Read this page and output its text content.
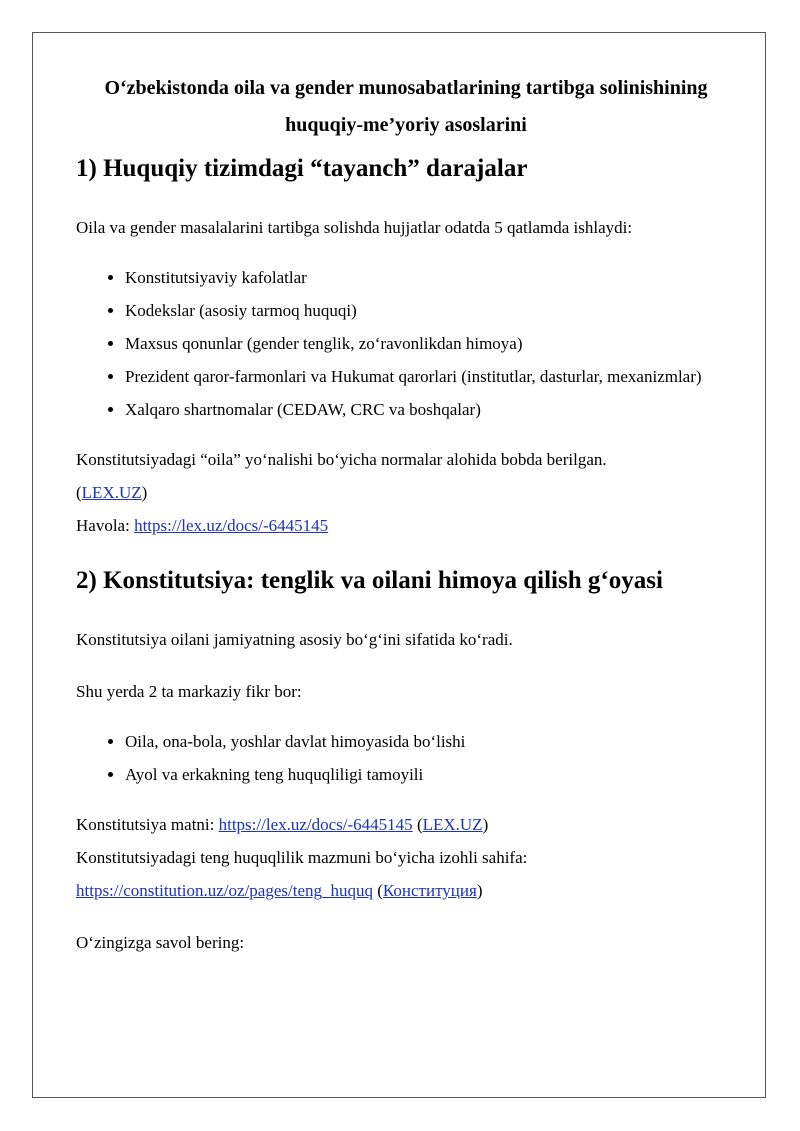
O‘zbekistonda oila va gender munosabatlarining tartibga solinishining
huquqiy-me’yoriy asoslarini
1) Huquqiy tizimdagi “tayanch” darajalar

Oila va gender masalalarini tartibga solishda hujjatlar odatda 5 qatlamda ishlaydi:

• Konstitutsiyaviy kafolatlar
• Kodekslar (asosiy tarmoq huquqi)
• Maxsus qonunlar (gender tenglik, zo‘ravonlikdan himoya)
• Prezident qaror-farmonlari va Hukumat qarorlari (institutlar, dasturlar, mexanizmlar)
• Xalqaro shartnomalar (CEDAW, CRC va boshqalar)

Konstitutsiyadagi “oila” yo‘nalishi bo‘yicha normalar alohida bobda berilgan.
(LEX.UZ)
Havola: https://lex.uz/docs/-6445145

2) Konstitutsiya: tenglik va oilani himoya qilish g‘oyasi

Konstitutsiya oilani jamiyatning asosiy bo‘g‘ini sifatida ko‘radi.

Shu yerda 2 ta markaziy fikr bor:

• Oila, ona-bola, yoshlar davlat himoyasida bo‘lishi
• Ayol va erkakning teng huquqliligi tamoyili

Konstitutsiya matni: https://lex.uz/docs/-6445145 (LEX.UZ)
Konstitutsiyadagi teng huquqlilik mazmuni bo‘yicha izohli sahifa:
https://constitution.uz/oz/pages/teng_huquq (Конституция)

O‘zingizga savol bering:
